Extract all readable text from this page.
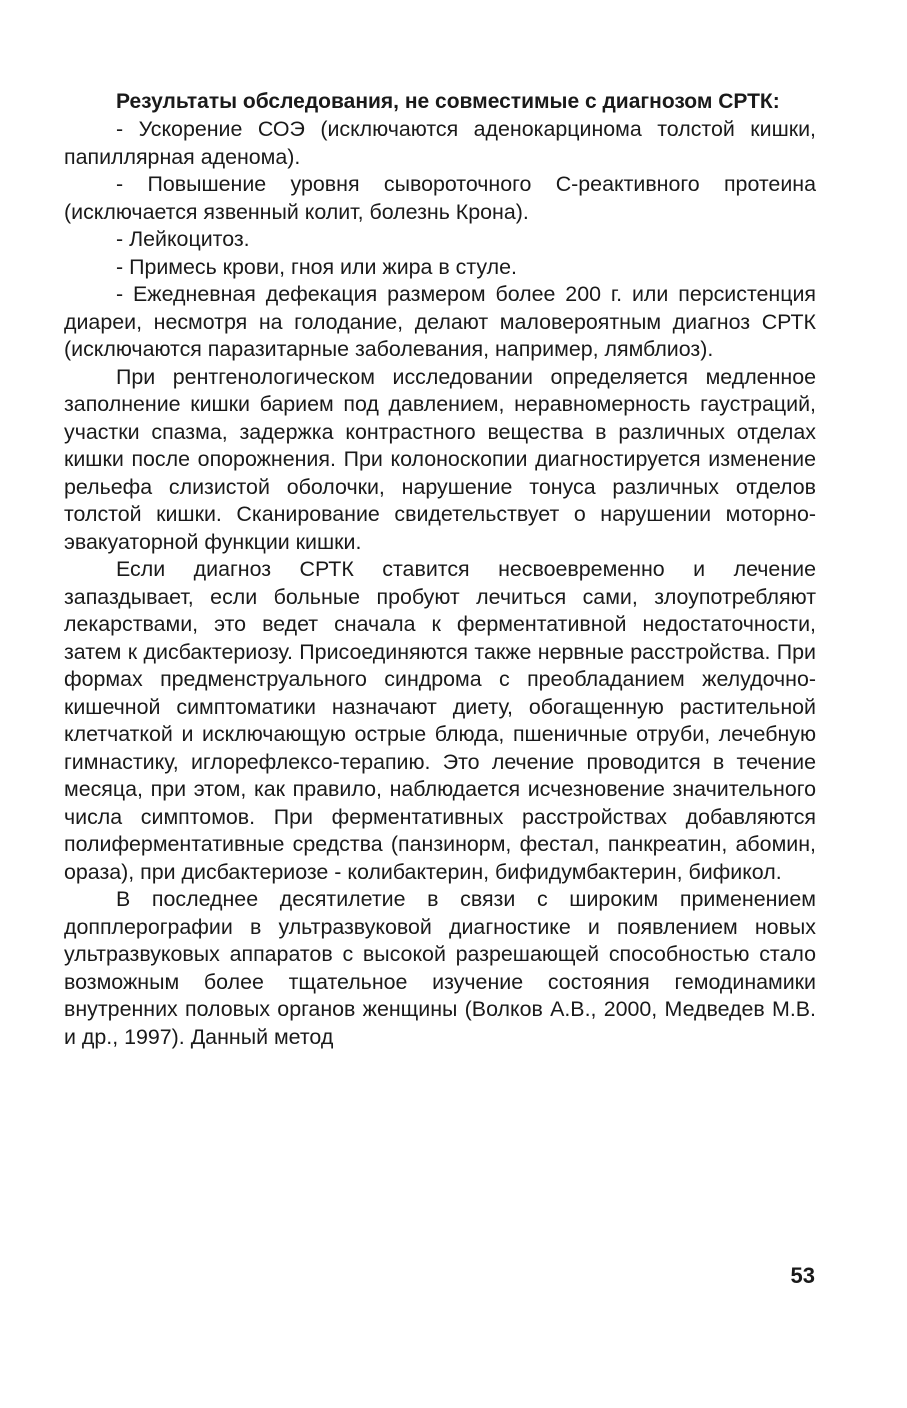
Результаты обследования, не совместимые с диагнозом СРТК:

- Ускорение СОЭ (исключаются аденокарцинома толстой кишки, папиллярная аденома).

- Повышение уровня сывороточного С-реактивного протеина (исключается язвенный колит, болезнь Крона).

- Лейкоцитоз.

- Примесь крови, гноя или жира в стуле.

- Ежедневная дефекация размером более 200 г. или персистенция диареи, несмотря на голодание, делают маловероятным диагноз СРТК (исключаются паразитарные заболевания, например, лямблиоз).

При рентгенологическом исследовании определяется медленное заполнение кишки барием под давлением, неравномерность гаустраций, участки спазма, задержка контрастного вещества в различных отделах кишки после опорожнения. При колоноскопии диагностируется изменение рельефа слизистой оболочки, нарушение тонуса различных отделов толстой кишки. Сканирование свидетельствует о нарушении моторно-эвакуаторной функции кишки.

Если диагноз СРТК ставится несвоевременно и лечение запаздывает, если больные пробуют лечиться сами, злоупотребляют лекарствами, это ведет сначала к ферментативной недостаточности, затем к дисбактериозу. Присоединяются также нервные расстройства. При формах предменструального синдрома с преобладанием желудочно-кишечной симптоматики назначают диету, обогащенную растительной клетчаткой и исключающую острые блюда, пшеничные отруби, лечебную гимнастику, иглорефлексо-терапию. Это лечение проводится в течение месяца, при этом, как правило, наблюдается исчезновение значительного числа симптомов. При ферментативных расстройствах добавляются полиферментативные средства (панзинорм, фестал, панкреатин, абомин, ораза), при дисбактериозе - колибактерин, бифидумбактерин, бификол.

В последнее десятилетие в связи с широким применением допплерографии в ультразвуковой диагностике и появлением новых ультразвуковых аппаратов с высокой разрешающей способностью стало возможным более тщательное изучение состояния гемодинамики внутренних половых органов женщины (Волков А.В., 2000, Медведев М.В. и др., 1997). Данный метод

53
